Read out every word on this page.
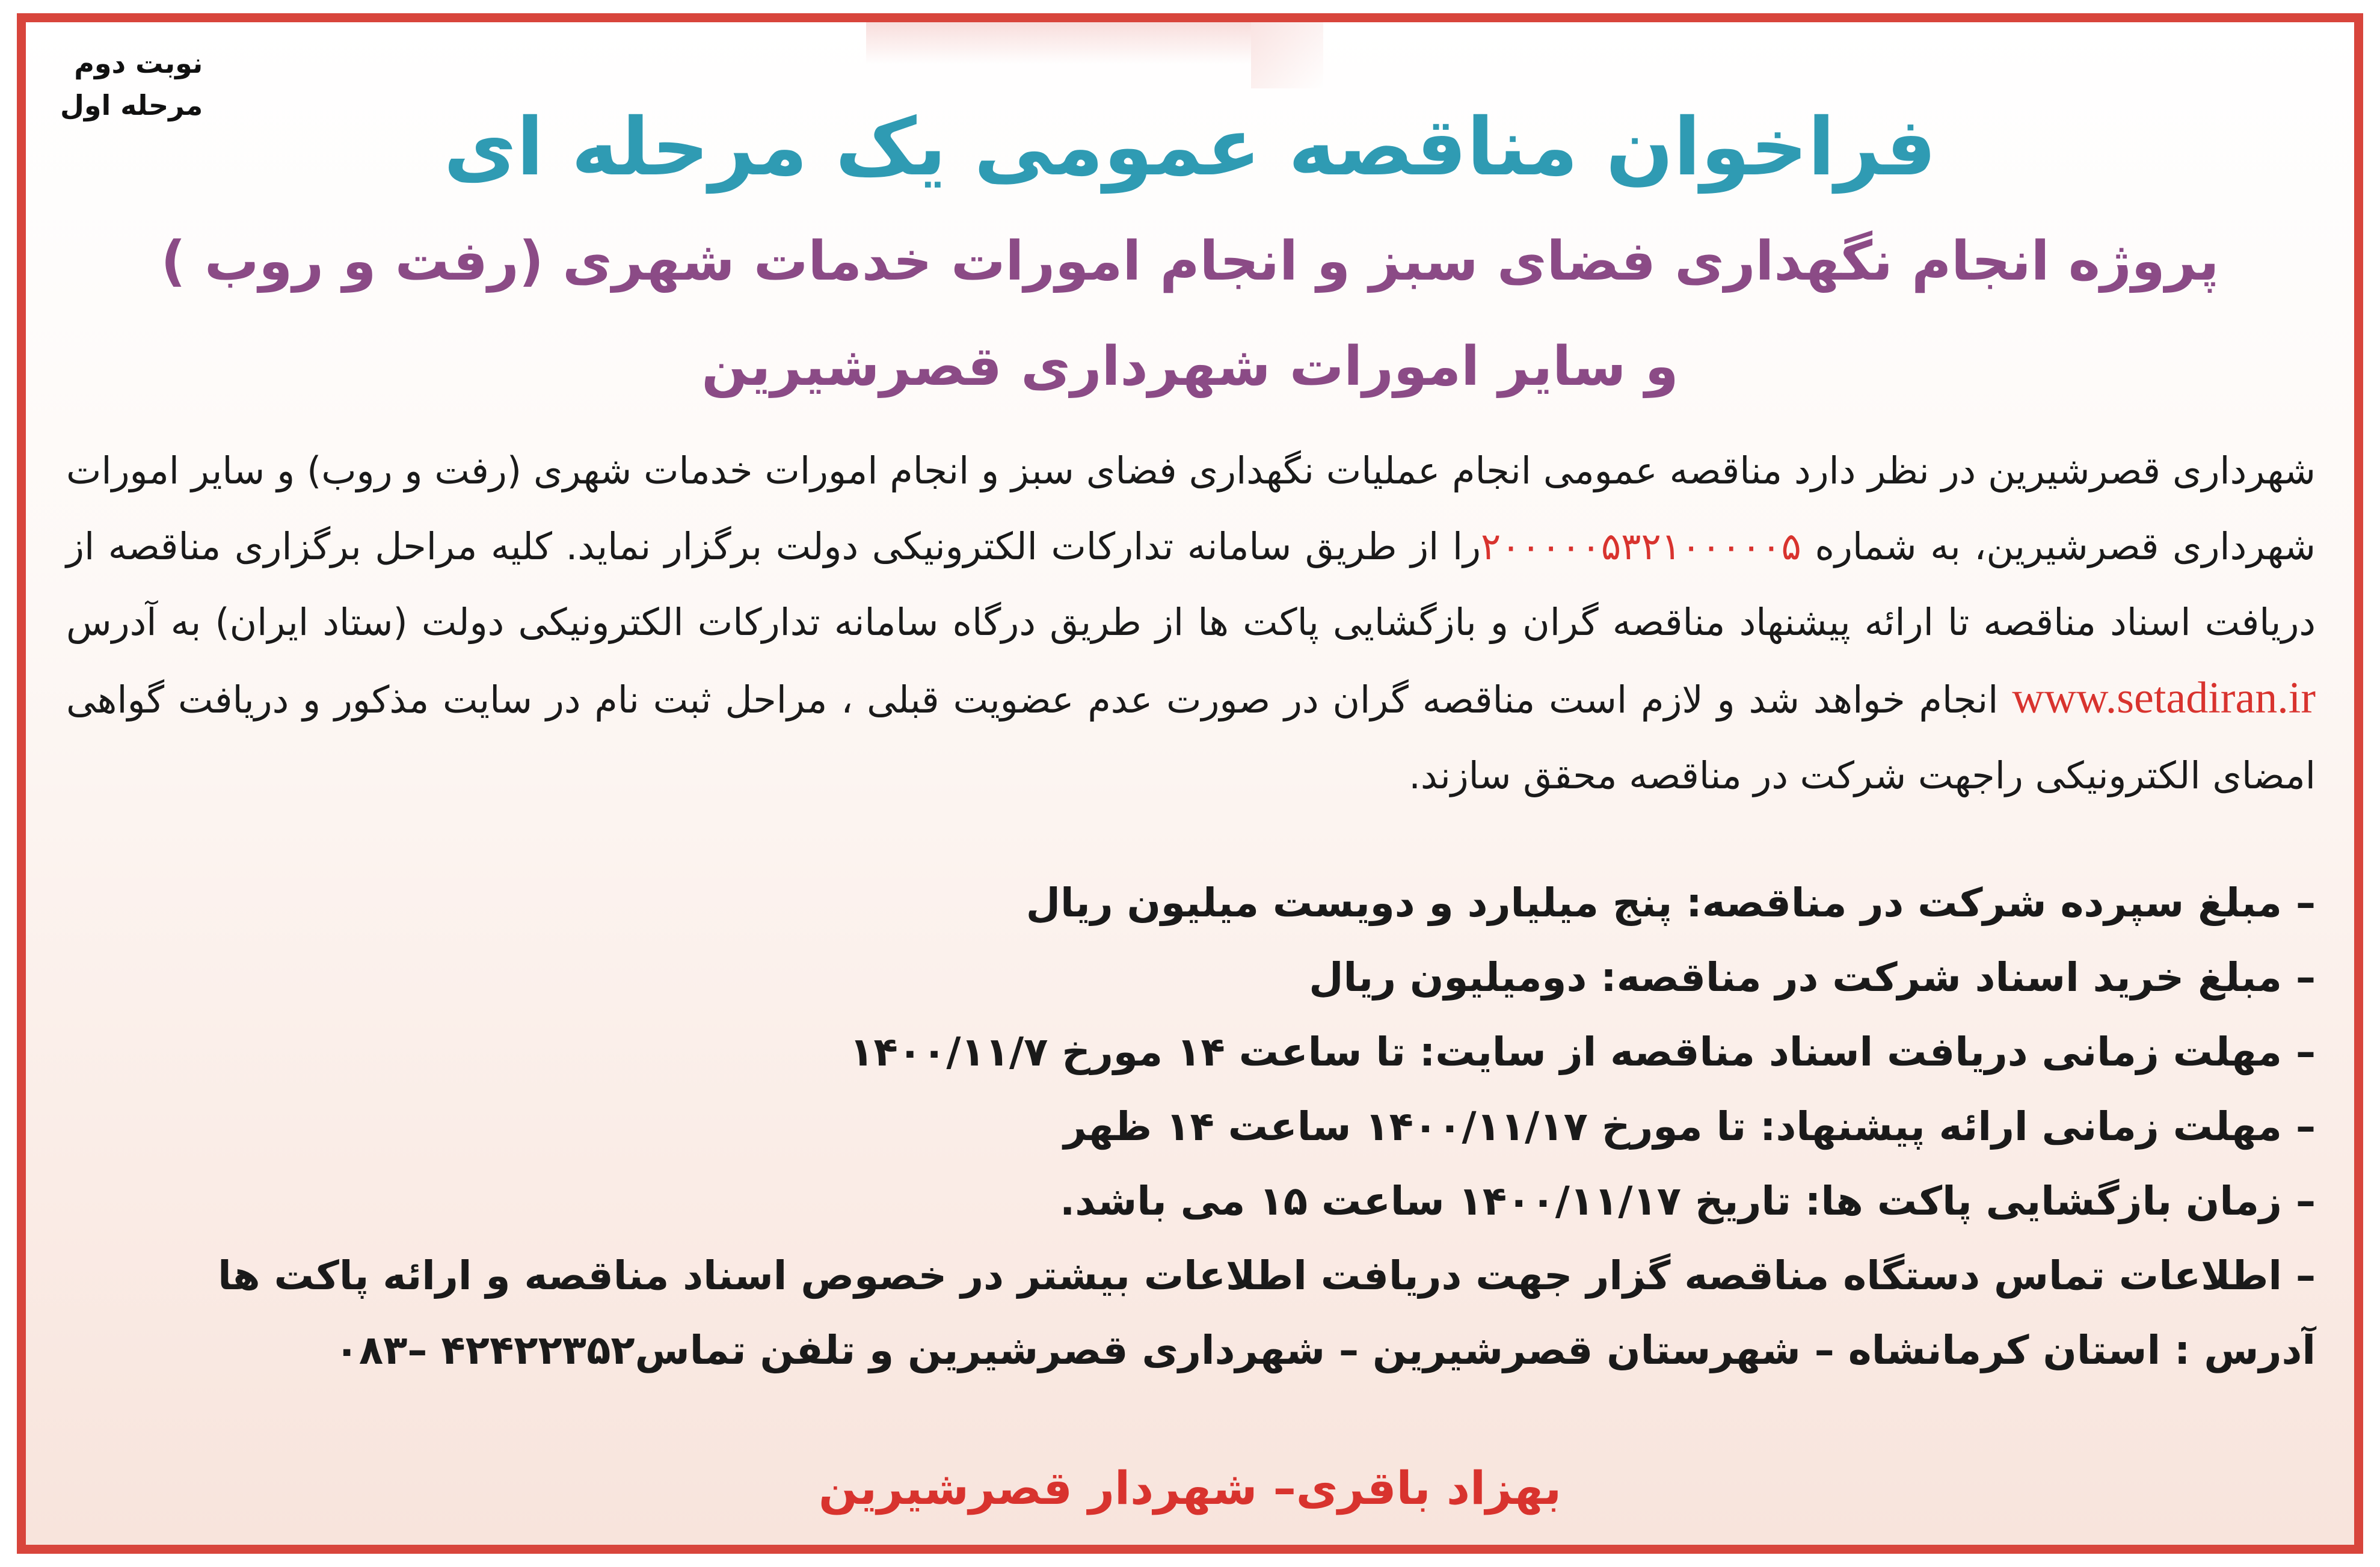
نوبت دوم
مرحله اول	فراخوان مناقصه عمومی یک مرحله ای
پروژه انجام نگهداری فضای سبز و انجام امورات خدمات شهری (رفت و روب )
و سایر امورات شهرداری قصرشیرین
شهرداری قصرشیرین در نظر دارد مناقصه عمومی انجام عملیات نگهداری فضای سبز و انجام امورات خدمات شهری (رفت و روب) و سایر امورات شهرداری قصرشیرین، به شماره ۲۰۰۰۰۰۵۳۲۱۰۰۰۰۰۵را از طریق سامانه تدارکات الکترونیکی دولت برگزار نماید. کلیه مراحل برگزاری مناقصه از دریافت اسناد مناقصه تا ارائه پیشنهاد مناقصه گران و بازگشایی پاکت ها از طریق درگاه سامانه تدارکات الکترونیکی دولت (ستاد ایران) به آدرس www.setadiran.ir انجام خواهد شد و لازم است مناقصه گران در صورت عدم عضویت قبلی ، مراحل ثبت نام در سایت مذکور و دریافت گواهی امضای الکترونیکی راجهت شرکت در مناقصه محقق سازند.
– مبلغ سپرده شرکت در مناقصه: پنج میلیارد و دویست میلیون ریال
– مبلغ خرید اسناد شرکت در مناقصه: دومیلیون ریال
– مهلت زمانی دریافت اسناد مناقصه از سایت: تا ساعت ۱۴ مورخ ۱۴۰۰/۱۱/۷
– مهلت زمانی ارائه پیشنهاد: تا مورخ ۱۴۰۰/۱۱/۱۷ ساعت ۱۴ ظهر
– زمان بازگشایی پاکت ها: تاریخ ۱۴۰۰/۱۱/۱۷ ساعت ۱۵ می باشد.
– اطلاعات تماس دستگاه مناقصه گزار جهت دریافت اطلاعات بیشتر در خصوص اسناد مناقصه و ارائه پاکت ها
آدرس : استان کرمانشاه – شهرستان قصرشیرین – شهرداری قصرشیرین و تلفن تماس۴۲۴۲۲۳۵۲ –۰۸۳
بهزاد باقری– شهردار قصرشیرین
